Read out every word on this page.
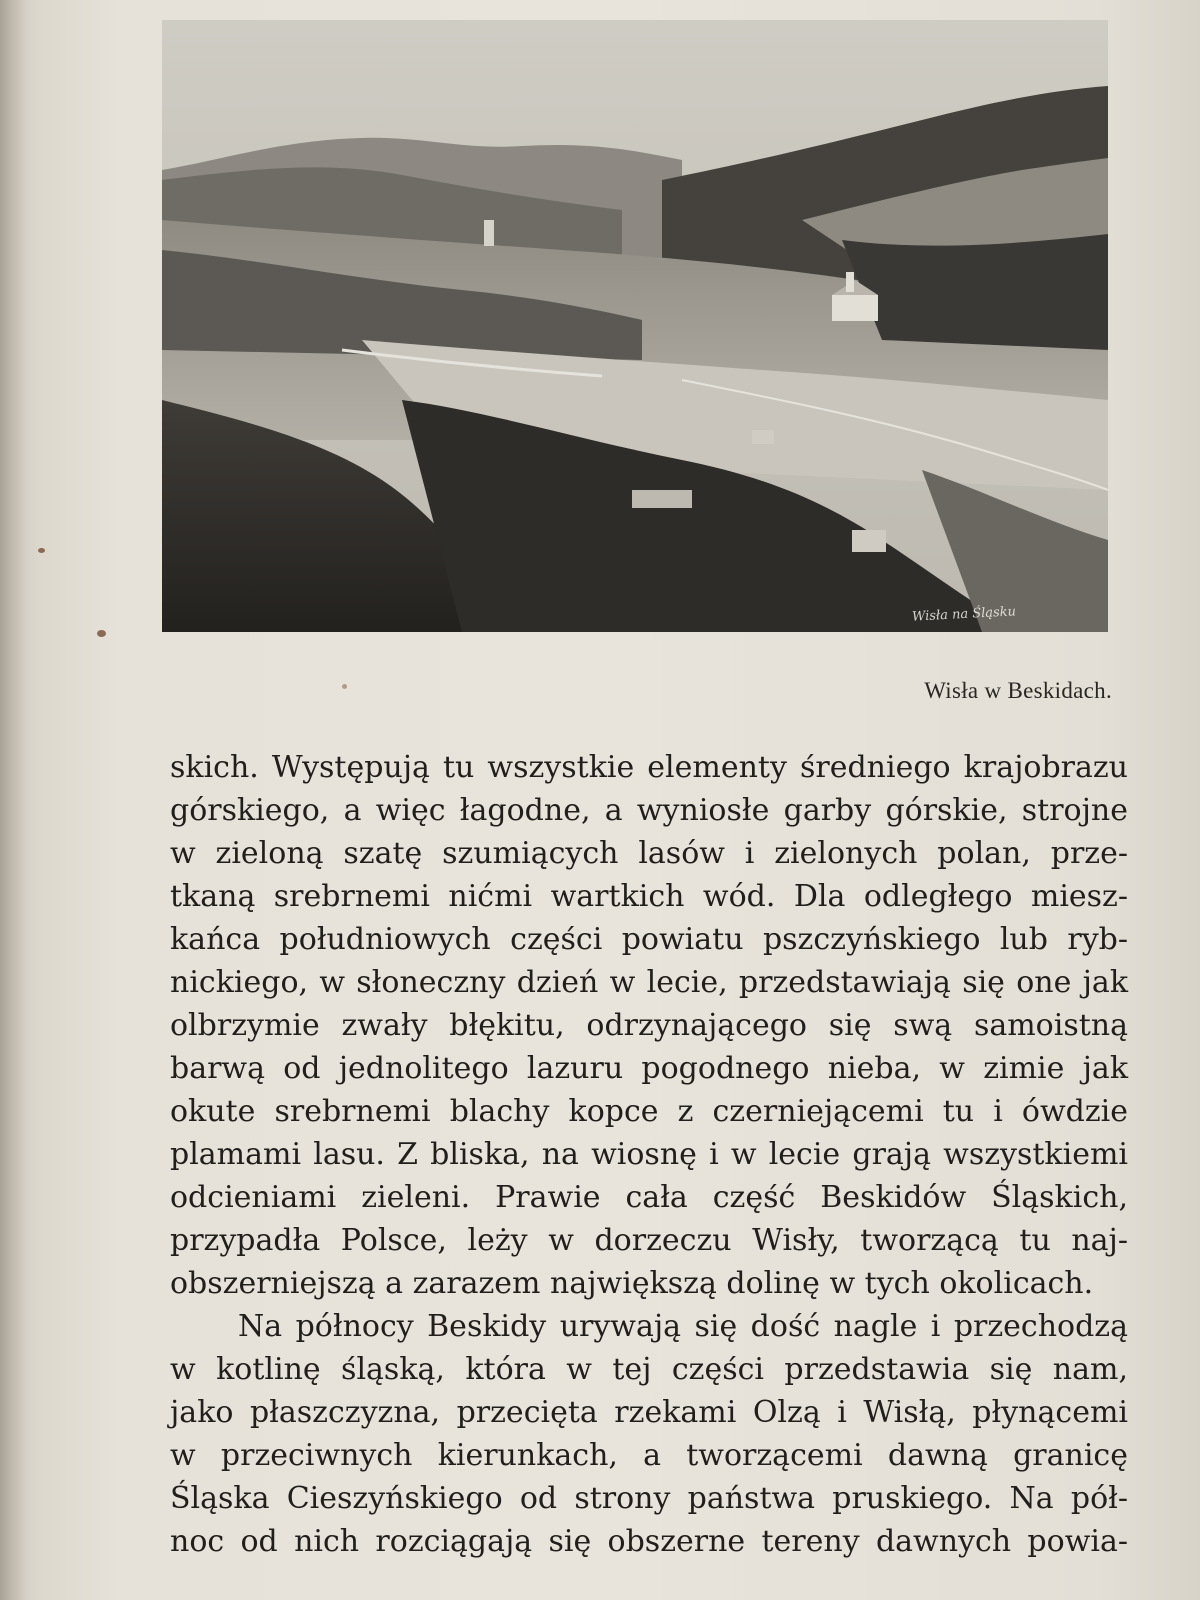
Wisła na Śląsku
Wisła w Beskidach.
skich. Występują tu wszystkie elementy średniego krajobrazu
górskiego, a więc łagodne, a wyniosłe garby górskie, strojne
w zieloną szatę szumiących lasów i zielonych polan, prze-
tkaną srebrnemi nićmi wartkich wód. Dla odległego miesz-
kańca południowych części powiatu pszczyńskiego lub ryb-
nickiego, w słoneczny dzień w lecie, przedstawiają się one jak
olbrzymie zwały błękitu, odrzynającego się swą samoistną
barwą od jednolitego lazuru pogodnego nieba, w zimie jak
okute srebrnemi blachy kopce z czerniejącemi tu i ówdzie
plamami lasu. Z bliska, na wiosnę i w lecie grają wszystkiemi
odcieniami zieleni. Prawie cała część Beskidów Śląskich,
przypadła Polsce, leży w dorzeczu Wisły, tworzącą tu naj-
obszerniejszą a zarazem największą dolinę w tych okolicach.
Na północy Beskidy urywają się dość nagle i przechodzą
w kotlinę śląską, która w tej części przedstawia się nam,
jako płaszczyzna, przecięta rzekami Olzą i Wisłą, płynącemi
w przeciwnych kierunkach, a tworzącemi dawną granicę
Śląska Cieszyńskiego od strony państwa pruskiego. Na pół-
noc od nich rozciągają się obszerne tereny dawnych powia-
